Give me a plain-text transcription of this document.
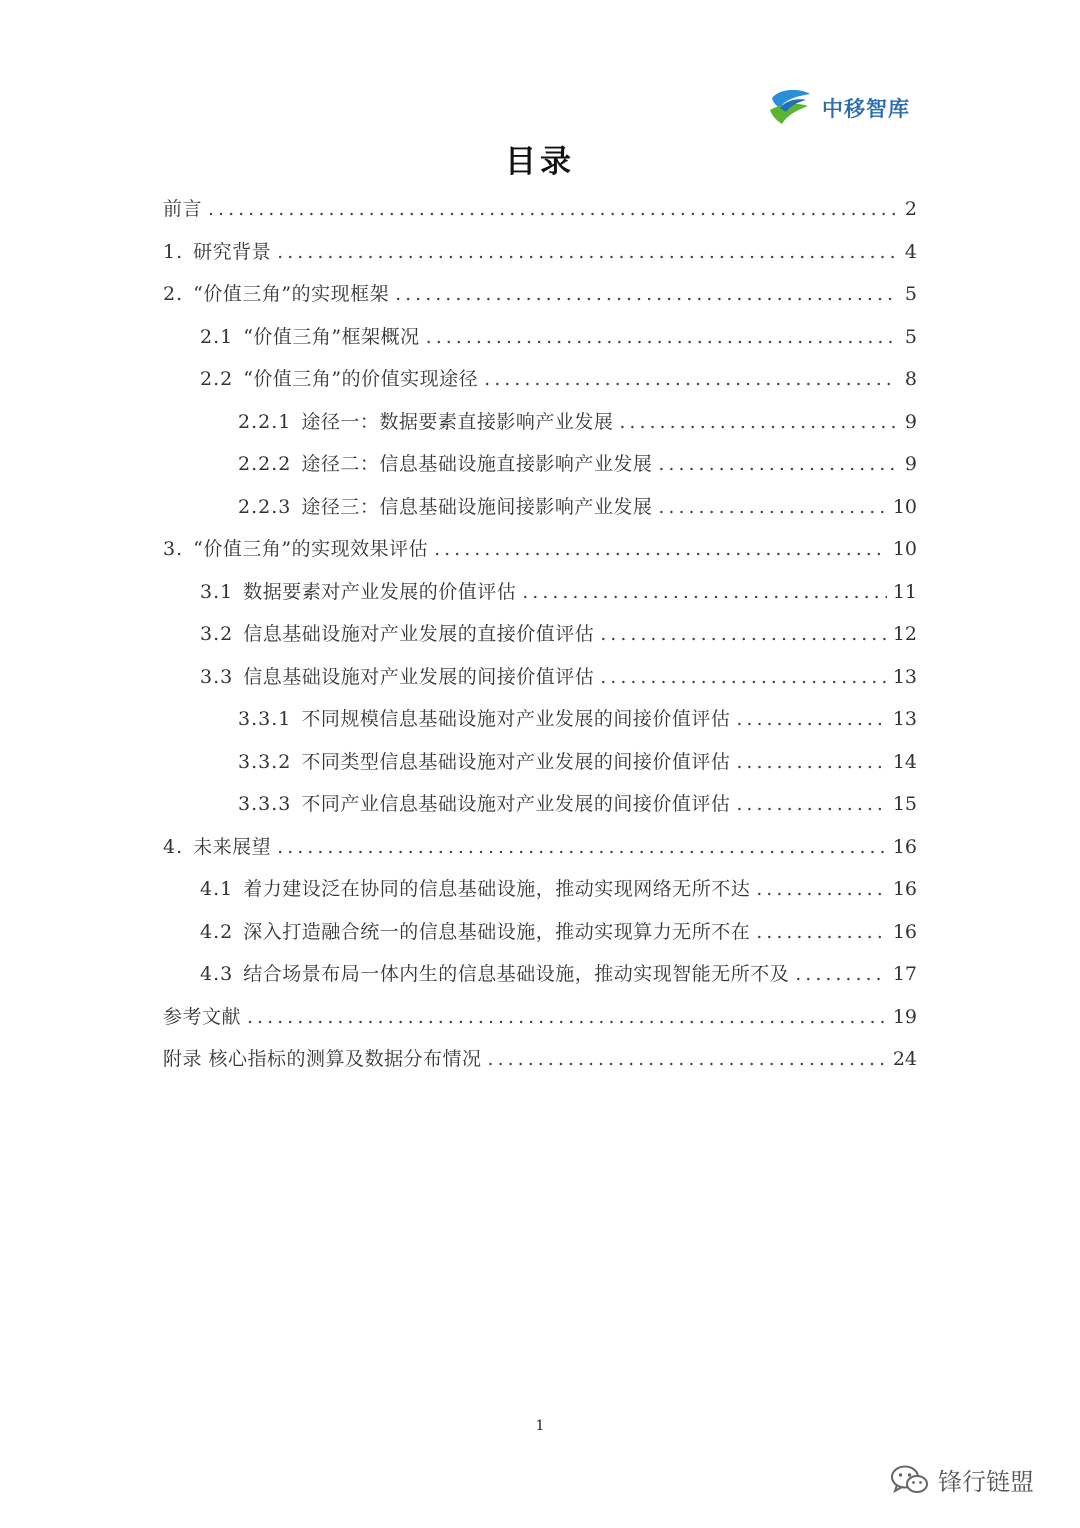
中移智库
目录
前言 .....	2
1. 研究背景 .....	4
2. “价值三角”的实现框架 .....	5
2.1 “价值三角”框架概况 .....	5
2.2 “价值三角”的价值实现途径 .....	8
2.2.1 途径一：数据要素直接影响产业发展 .....	9
2.2.2 途径二：信息基础设施直接影响产业发展 .....	9
2.2.3 途径三：信息基础设施间接影响产业发展 .....	10
3. “价值三角”的实现效果评估 .....	10
3.1 数据要素对产业发展的价值评估 .....	11
3.2 信息基础设施对产业发展的直接价值评估 .....	12
3.3 信息基础设施对产业发展的间接价值评估 .....	13
3.3.1 不同规模信息基础设施对产业发展的间接价值评估 .....	13
3.3.2 不同类型信息基础设施对产业发展的间接价值评估 .....	14
3.3.3 不同产业信息基础设施对产业发展的间接价值评估 .....	15
4. 未来展望 .....	16
4.1 着力建设泛在协同的信息基础设施，推动实现网络无所不达 .....	16
4.2 深入打造融合统一的信息基础设施，推动实现算力无所不在 .....	16
4.3 结合场景布局一体内生的信息基础设施，推动实现智能无所不及 .....	17
参考文献 .....	19
附录 核心指标的测算及数据分布情况 .....	24
1
锋行链盟
